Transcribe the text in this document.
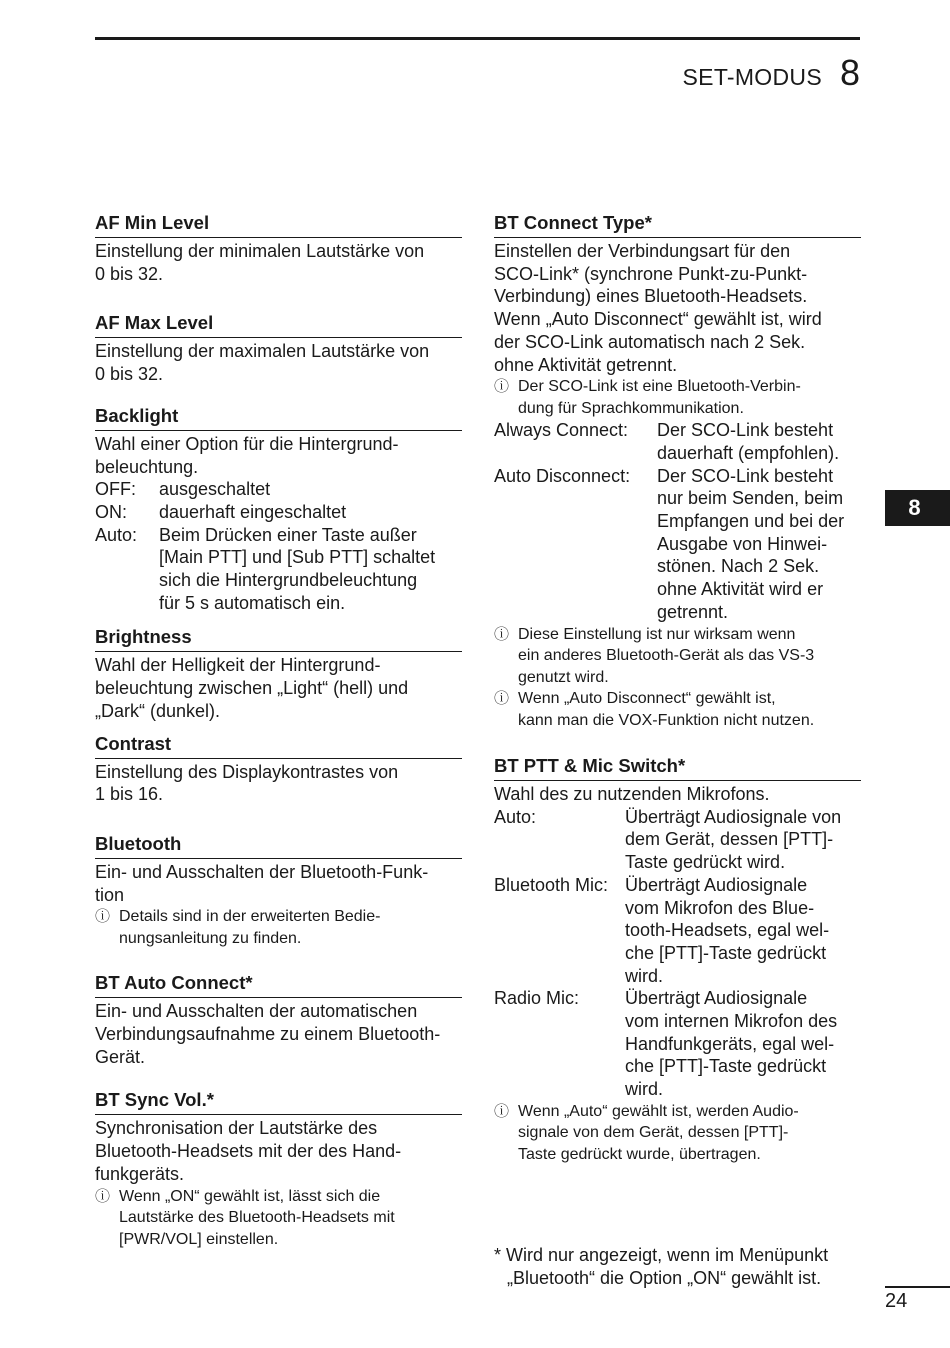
SET-MODUS 8
8
AF Min Level

Einstellung der minimalen Lautstärke von

0 bis 32.

AF Max Level

Einstellung der maximalen Lautstärke von

0 bis 32.

Backlight

Wahl einer Option für die Hintergrund-

beleuchtung.

OFF:	ausgeschaltet
ON:	dauerhaft eingeschaltet
Auto:	Beim Drücken einer Taste außer
[Main PTT] und [Sub PTT] schaltet
sich die Hintergrundbeleuchtung
für 5 s automatisch ein.
Brightness

Wahl der Helligkeit der Hintergrund-

beleuchtung zwischen „Light“ (hell) und

„Dark“ (dunkel).

Contrast

Einstellung des Displaykontrastes von

1 bis 16.

Bluetooth

Ein- und Ausschalten der Bluetooth-Funk-

tion

ⓘ Details sind in der erweiterten Bedie-
nungsanleitung zu finden.
BT Auto Connect*

Ein- und Ausschalten der automatischen

Verbindungsaufnahme zu einem Bluetooth-

Gerät.

BT Sync Vol.*

Synchronisation der Lautstärke des

Bluetooth-Headsets mit der des Hand-

funkgeräts.

ⓘ Wenn „ON“ gewählt ist, lässt sich die
Lautstärke des Bluetooth-Headsets mit
[PWR/VOL] einstellen.
BT Connect Type*

Einstellen der Verbindungsart für den

SCO-Link* (synchrone Punkt-zu-Punkt-

Verbindung) eines Bluetooth-Headsets.

Wenn „Auto Disconnect“ gewählt ist, wird

der SCO-Link automatisch nach 2 Sek.

ohne Aktivität getrennt.

ⓘ Der SCO-Link ist eine Bluetooth-Verbin-
dung für Sprachkommunikation.
Always Connect:	Der SCO-Link besteht
dauerhaft (empfohlen).
Auto Disconnect:	Der SCO-Link besteht
nur beim Senden, beim
Empfangen und bei der
Ausgabe von Hinwei-
stönen. Nach 2 Sek.
ohne Aktivität wird er
getrennt.
ⓘ Diese Einstellung ist nur wirksam wenn
ein anderes Bluetooth-Gerät als das VS-3
genutzt wird.
ⓘ Wenn „Auto Disconnect“ gewählt ist,
kann man die VOX-Funktion nicht nutzen.
BT PTT & Mic Switch*

Wahl des zu nutzenden Mikrofons.

Auto:	Überträgt Audiosignale von
dem Gerät, dessen [PTT]-
Taste gedrückt wird.
Bluetooth Mic: Überträgt Audiosignale
vom Mikrofon des Blue-
tooth-Headsets, egal wel-
che [PTT]-Taste gedrückt
wird.
Radio Mic:	Überträgt Audiosignale
vom internen Mikrofon des
Handfunkgeräts, egal wel-
che [PTT]-Taste gedrückt
wird.
ⓘ Wenn „Auto“ gewählt ist, werden Audio-
signale von dem Gerät, dessen [PTT]-
Taste gedrückt wurde, übertragen.
* Wird nur angezeigt, wenn im Menüpunkt
„Bluetooth“ die Option „ON“ gewählt ist.
24
